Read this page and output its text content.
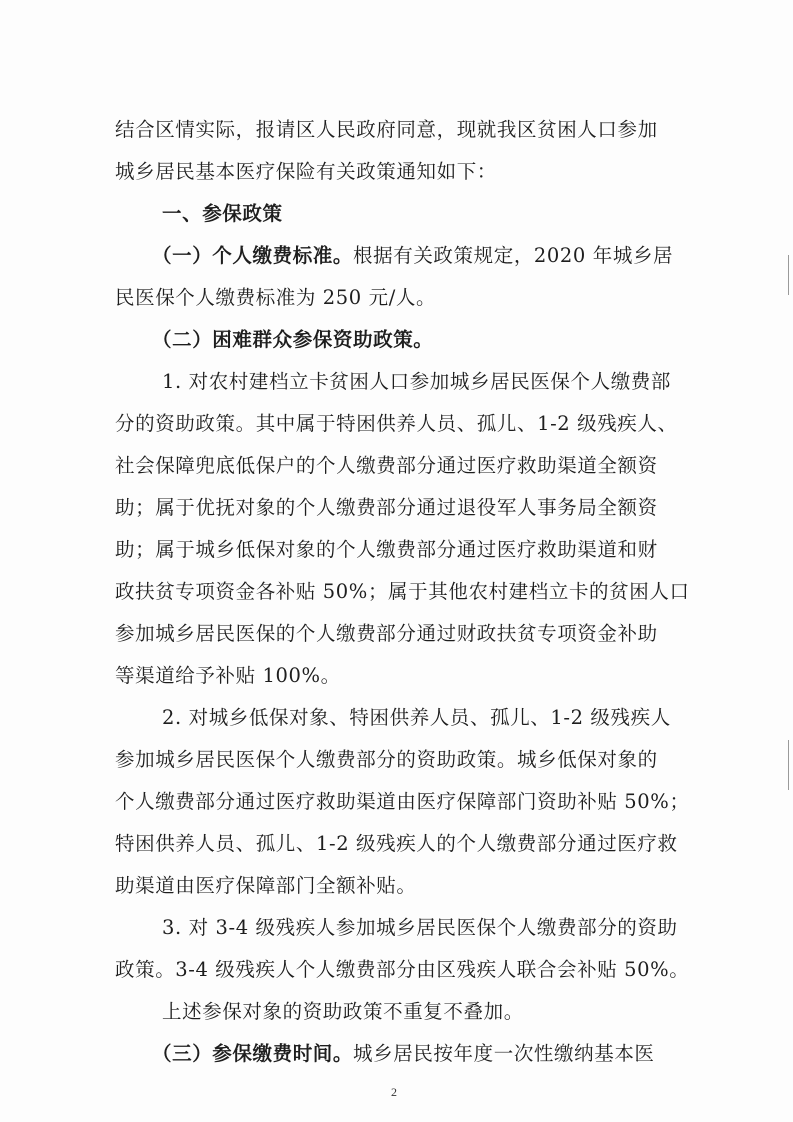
结合区情实际，报请区人民政府同意，现就我区贫困人口参加
城乡居民基本医疗保险有关政策通知如下：
一、参保政策
（一）个人缴费标准。根据有关政策规定，2020 年城乡居
民医保个人缴费标准为 250 元/人。
（二）困难群众参保资助政策。
1. 对农村建档立卡贫困人口参加城乡居民医保个人缴费部
分的资助政策。其中属于特困供养人员、孤儿、1-2 级残疾人、
社会保障兜底低保户的个人缴费部分通过医疗救助渠道全额资
助；属于优抚对象的个人缴费部分通过退役军人事务局全额资
助；属于城乡低保对象的个人缴费部分通过医疗救助渠道和财
政扶贫专项资金各补贴 50%；属于其他农村建档立卡的贫困人口
参加城乡居民医保的个人缴费部分通过财政扶贫专项资金补助
等渠道给予补贴 100%。
2. 对城乡低保对象、特困供养人员、孤儿、1-2 级残疾人
参加城乡居民医保个人缴费部分的资助政策。城乡低保对象的
个人缴费部分通过医疗救助渠道由医疗保障部门资助补贴 50%；
特困供养人员、孤儿、1-2 级残疾人的个人缴费部分通过医疗救
助渠道由医疗保障部门全额补贴。
3. 对 3-4 级残疾人参加城乡居民医保个人缴费部分的资助
政策。3-4 级残疾人个人缴费部分由区残疾人联合会补贴 50%。
上述参保对象的资助政策不重复不叠加。
（三）参保缴费时间。城乡居民按年度一次性缴纳基本医
2
